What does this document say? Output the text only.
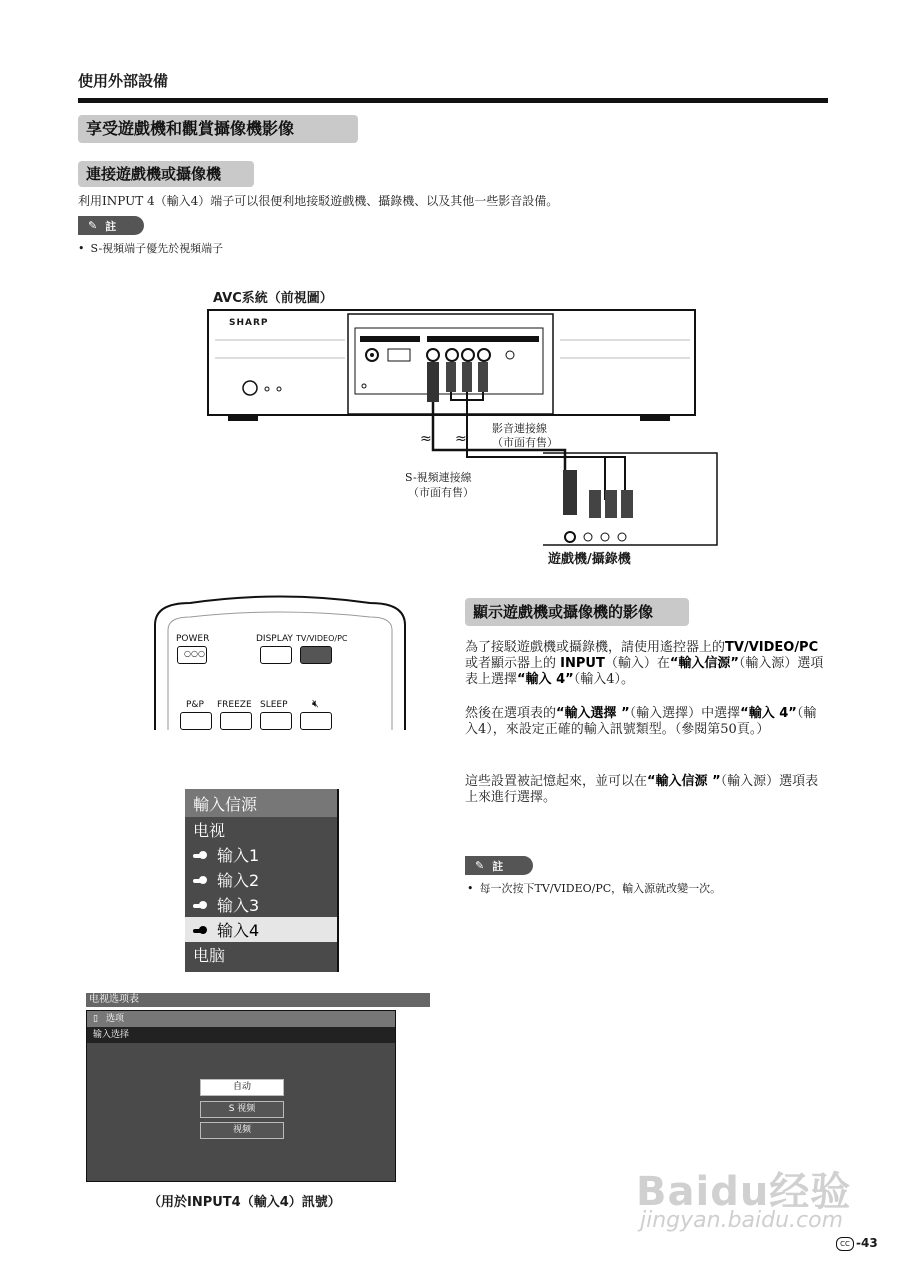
使用外部設備
享受遊戲機和觀賞攝像機影像
連接遊戲機或攝像機
利用INPUT 4（輸入4）端子可以很便利地接駁遊戲機、攝錄機、以及其他一些影音設備。
✎ 註
• S-視頻端子優先於視頻端子
AVC系統（前視圖）
≈ ≈
SHARP
影音連接線
（市面有售）
S-視頻連接線
（市面有售）
遊戲機/攝錄機
POWER
○○○
DISPLAY TV/VIDEO/PC
P&P FREEZE SLEEP 🔇︎
輸入信源
电视
输入1
输入2
输入3
输入4
电脑
电视选项表
▯ 选项
输入选择
自动
S 视频
视频
（用於INPUT4（輸入4）訊號）
顯示遊戲機或攝像機的影像
為了接駁遊戲機或攝錄機，請使用遙控器上的TV/VIDEO/PC或者顯示器上的 INPUT（輸入）在“輸入信源”（輸入源）選項表上選擇“輸入 4”（輸入4）。
然後在選項表的“輸入選擇 ”（輸入選擇）中選擇“輸入 4”（輸入4），來設定正確的輸入訊號類型。（參閱第50頁。）
這些設置被記憶起來，並可以在“輸入信源 ”（輸入源）選項表上來進行選擇。
✎ 註
• 每一次按下TV/VIDEO/PC，輸入源就改變一次。
Baidu经验
jingyan.baidu.com
CC -43
